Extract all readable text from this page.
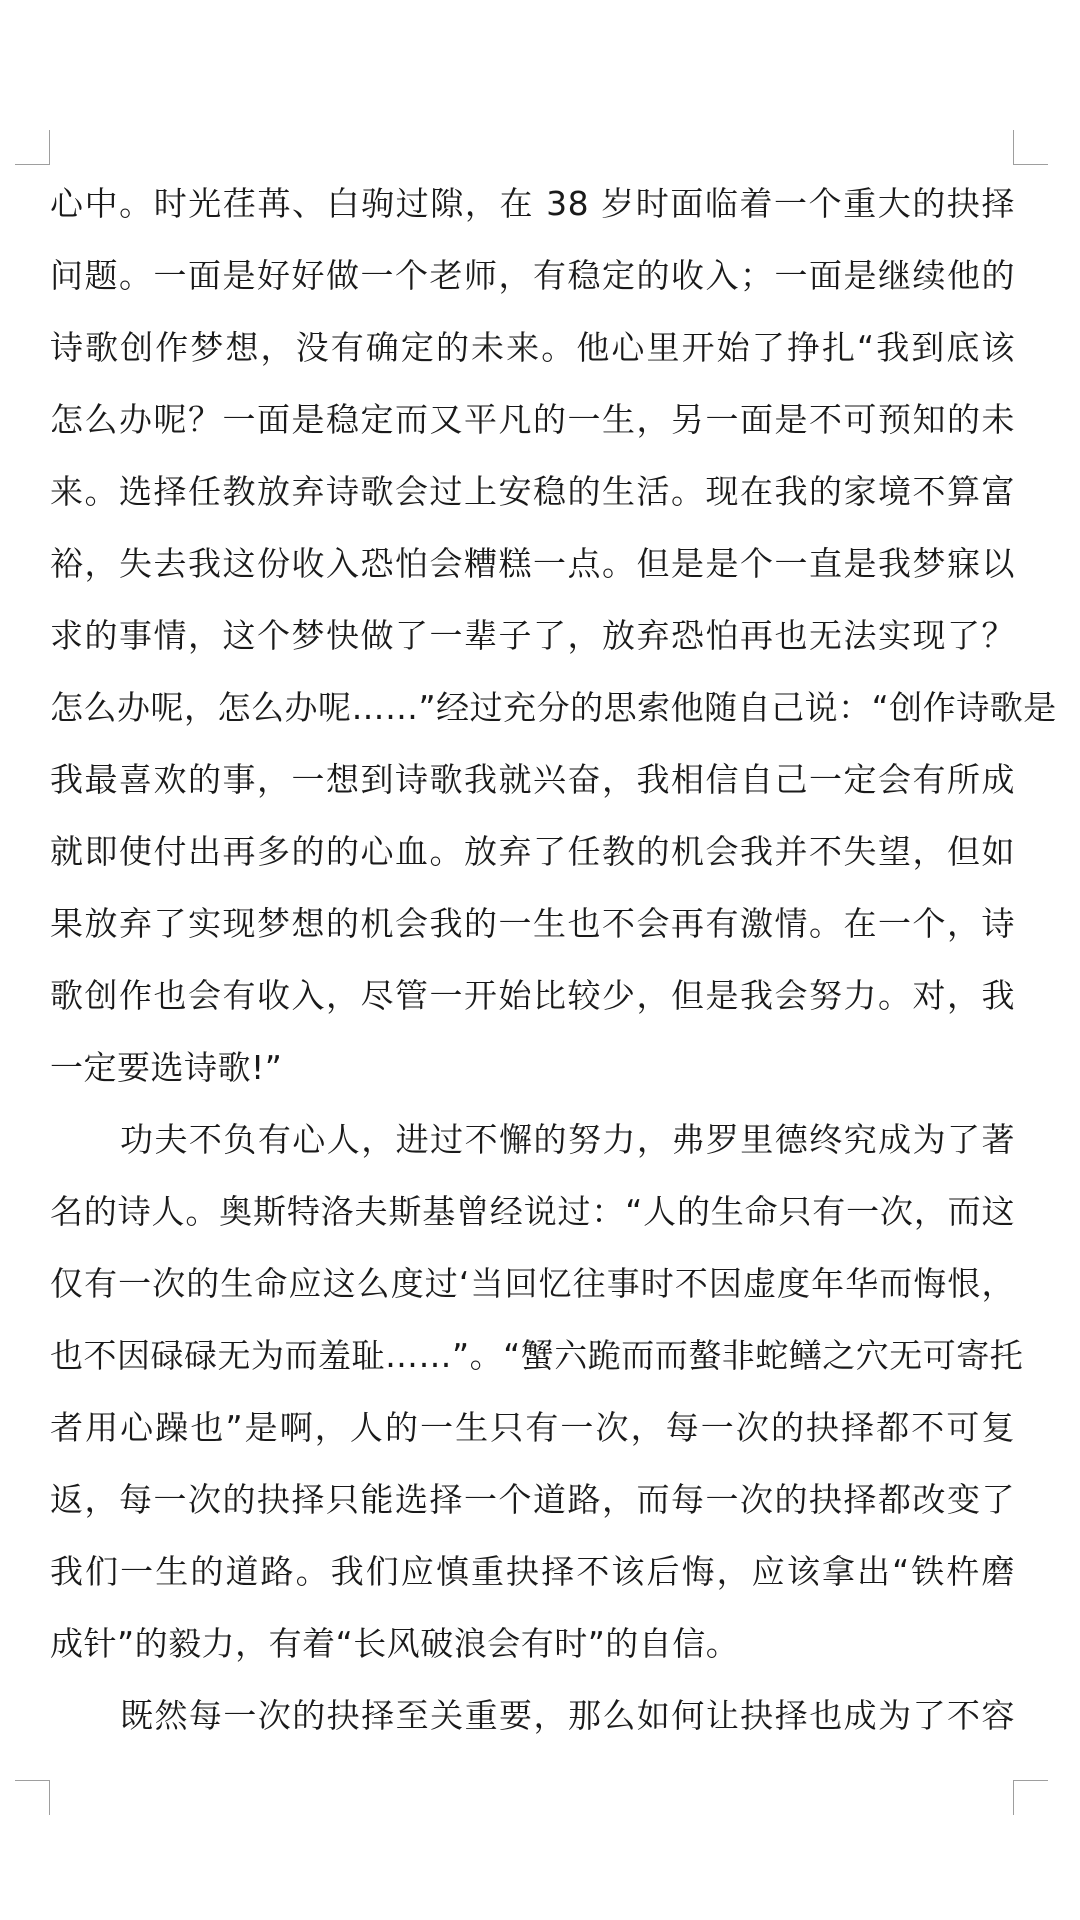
心中。时光荏苒、白驹过隙，在 38 岁时面临着一个重大的抉择
问题。一面是好好做一个老师，有稳定的收入；一面是继续他的
诗歌创作梦想，没有确定的未来。他心里开始了挣扎“我到底该
怎么办呢？一面是稳定而又平凡的一生，另一面是不可预知的未
来。选择任教放弃诗歌会过上安稳的生活。现在我的家境不算富
裕，失去我这份收入恐怕会糟糕一点。但是是个一直是我梦寐以
求的事情，这个梦快做了一辈子了，放弃恐怕再也无法实现了？
怎么办呢，怎么办呢……”经过充分的思索他随自己说：“创作诗歌是
我最喜欢的事，一想到诗歌我就兴奋，我相信自己一定会有所成
就即使付出再多的的心血。放弃了任教的机会我并不失望，但如
果放弃了实现梦想的机会我的一生也不会再有激情。在一个，诗
歌创作也会有收入，尽管一开始比较少，但是我会努力。对，我
一定要选诗歌!”
功夫不负有心人，进过不懈的努力，弗罗里德终究成为了著
名的诗人。奥斯特洛夫斯基曾经说过：“人的生命只有一次，而这
仅有一次的生命应这么度过‘当回忆往事时不因虚度年华而悔恨，
也不因碌碌无为而羞耻……”。“蟹六跪而而螯非蛇鳝之穴无可寄托
者用心躁也”是啊，人的一生只有一次，每一次的抉择都不可复
返，每一次的抉择只能选择一个道路，而每一次的抉择都改变了
我们一生的道路。我们应慎重抉择不该后悔，应该拿出“铁杵磨
成针”的毅力，有着“长风破浪会有时”的自信。
既然每一次的抉择至关重要，那么如何让抉择也成为了不容
